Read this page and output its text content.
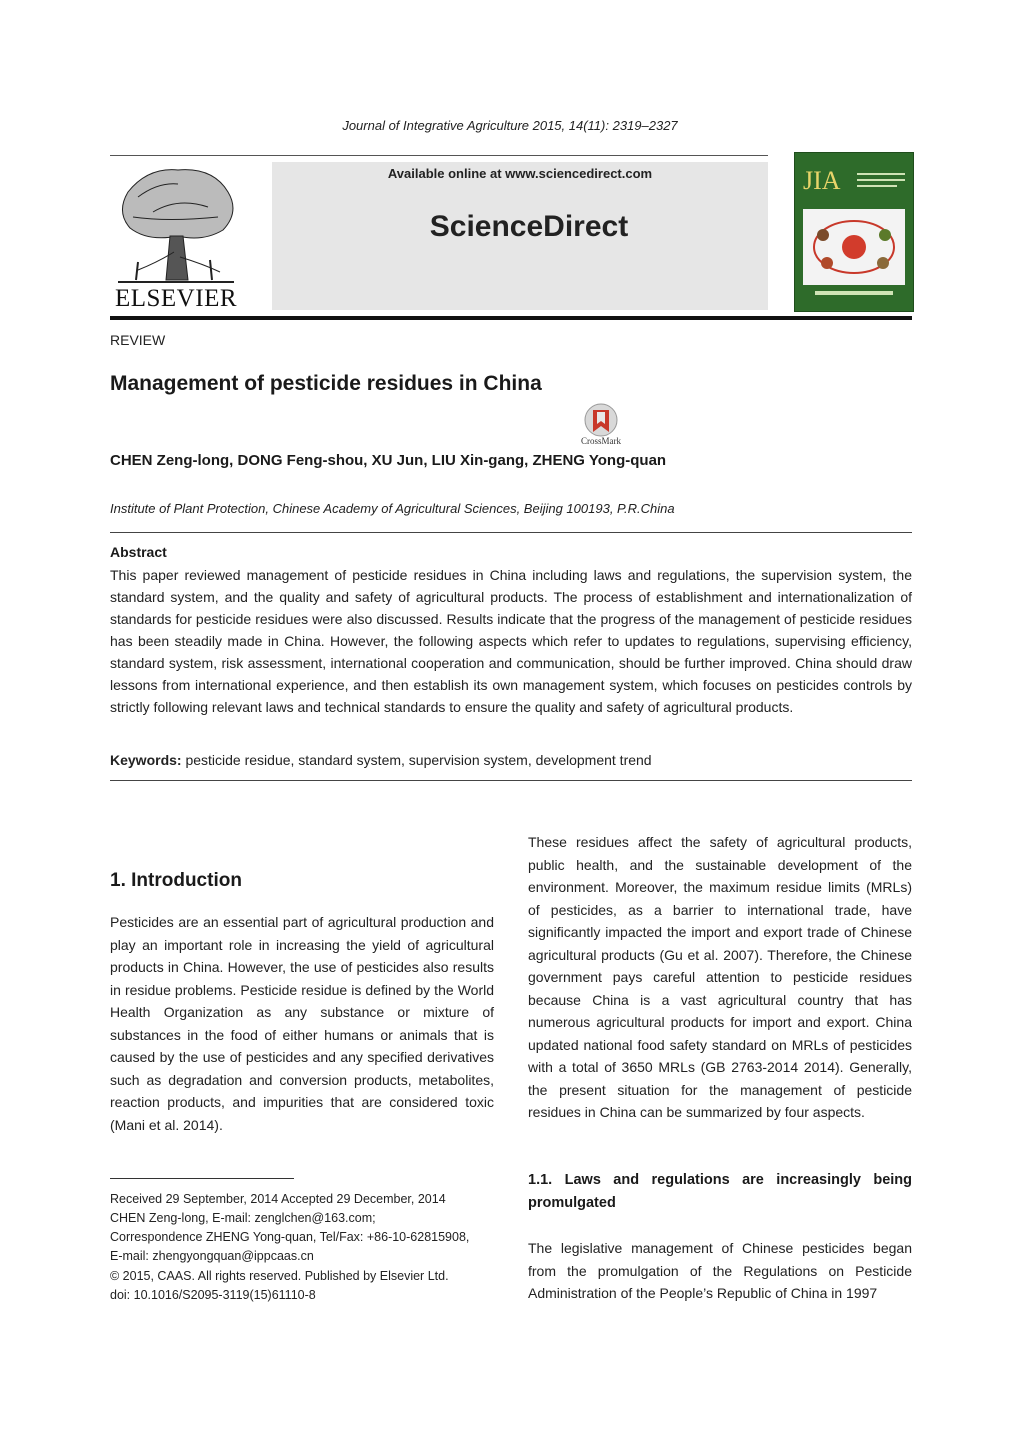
Journal of Integrative Agriculture 2015, 14(11): 2319–2327
ELSEVIER
Available online at www.sciencedirect.com
ScienceDirect
JIA
REVIEW
Management of pesticide residues in China
CrossMark
CHEN Zeng-long, DONG Feng-shou, XU Jun, LIU Xin-gang, ZHENG Yong-quan
Institute of Plant Protection, Chinese Academy of Agricultural Sciences, Beijing 100193, P.R.China
Abstract
This paper reviewed management of pesticide residues in China including laws and regulations, the supervision system, the standard system, and the quality and safety of agricultural products. The process of establishment and internationalization of standards for pesticide residues were also discussed. Results indicate that the progress of the management of pesticide residues has been steadily made in China. However, the following aspects which refer to updates to regulations, supervising efficiency, standard system, risk assessment, international cooperation and communication, should be further improved. China should draw lessons from international experience, and then establish its own management system, which focuses on pesticides controls by strictly following relevant laws and technical standards to ensure the quality and safety of agricultural products.
Keywords: pesticide residue, standard system, supervision system, development trend
1. Introduction
Pesticides are an essential part of agricultural production and play an important role in increasing the yield of agricultural products in China. However, the use of pesticides also results in residue problems. Pesticide residue is defined by the World Health Organization as any substance or mixture of substances in the food of either humans or animals that is caused by the use of pesticides and any specified derivatives such as degradation and conversion products, metabolites, reaction products, and impurities that are considered toxic (Mani et al. 2014).
Received 29 September, 2014 Accepted 29 December, 2014
CHEN Zeng-long, E-mail: zenglchen@163.com;
Correspondence ZHENG Yong-quan, Tel/Fax: +86-10-62815908,
E-mail: zhengyongquan@ippcaas.cn
© 2015, CAAS. All rights reserved. Published by Elsevier Ltd.
doi: 10.1016/S2095-3119(15)61110-8
These residues affect the safety of agricultural products, public health, and the sustainable development of the environment. Moreover, the maximum residue limits (MRLs) of pesticides, as a barrier to international trade, have significantly impacted the import and export trade of Chinese agricultural products (Gu et al. 2007). Therefore, the Chinese government pays careful attention to pesticide residues because China is a vast agricultural country that has numerous agricultural products for import and export. China updated national food safety standard on MRLs of pesticides with a total of 3650 MRLs (GB 2763-2014 2014). Generally, the present situation for the management of pesticide residues in China can be summarized by four aspects.
1.1. Laws and regulations are increasingly being promulgated
The legislative management of Chinese pesticides began from the promulgation of the Regulations on Pesticide Administration of the People’s Republic of China in 1997
